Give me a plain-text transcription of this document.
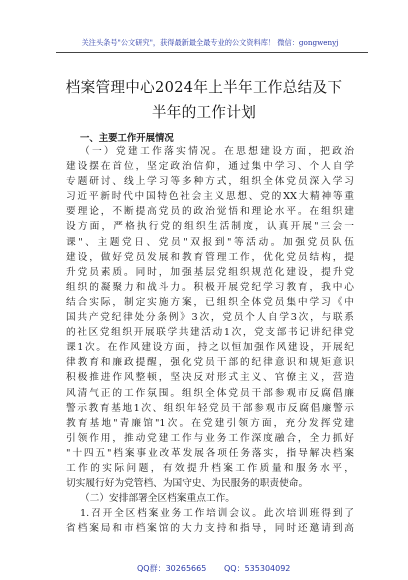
关注头条号"公文研究"，获得最新最全最专业的公文资料库！ 微信：gongwenyj
档案管理中心2024年上半年工作总结及下
半年的工作计划
一、主要工作开展情况
（一）党建工作落实情况。在思想建设方面，把政治
建设摆在首位，坚定政治信仰，通过集中学习、个人自学
专题研讨、线上学习等多种方式，组织全体党员深入学习
习近平新时代中国特色社会主义思想、党的XX大精神等重
要理论，不断提高党员的政治觉悟和理论水平。在组织建
设方面，严格执行党的组织生活制度，认真开展"三会一
课"、主题党日、党员"双报到"等活动。加强党员队伍
建设，做好党员发展和教育管理工作，优化党员结构，提
升党员素质。同时，加强基层党组织规范化建设，提升党
组织的凝聚力和战斗力。积极开展党纪学习教育，我中心
结合实际，制定实施方案，已组织全体党员集中学习《中
国共产党纪律处分条例》3次，党员个人自学3次，与联系
的社区党组织开展联学共建活动1次，党支部书记讲纪律党
课1次。在作风建设方面，持之以恒加强作风建设，开展纪
律教育和廉政提醒，强化党员干部的纪律意识和规矩意识
积极推进作风整顿，坚决反对形式主义、官僚主义，营造
风清气正的工作氛围。组织全体党员干部参观市反腐倡廉
警示教育基地1次、组织年轻党员干部参观市反腐倡廉警示
教育基地"青廉馆"1次。在党建引领方面，充分发挥党建
引领作用，推动党建工作与业务工作深度融合，全力抓好
"十四五"档案事业改革发展各项任务落实，指导解决档案
工作的实际问题，有效提升档案工作质量和服务水平，
切实履行好为党管档、为国守史、为民服务的职责使命。
（二）安排部署全区档案重点工作。
1.召开全区档案业务工作培训会议。此次培训班得到了
省档案局和市档案馆的大力支持和指导，同时还邀请到高
QQ群：30265665 QQ：535304092
